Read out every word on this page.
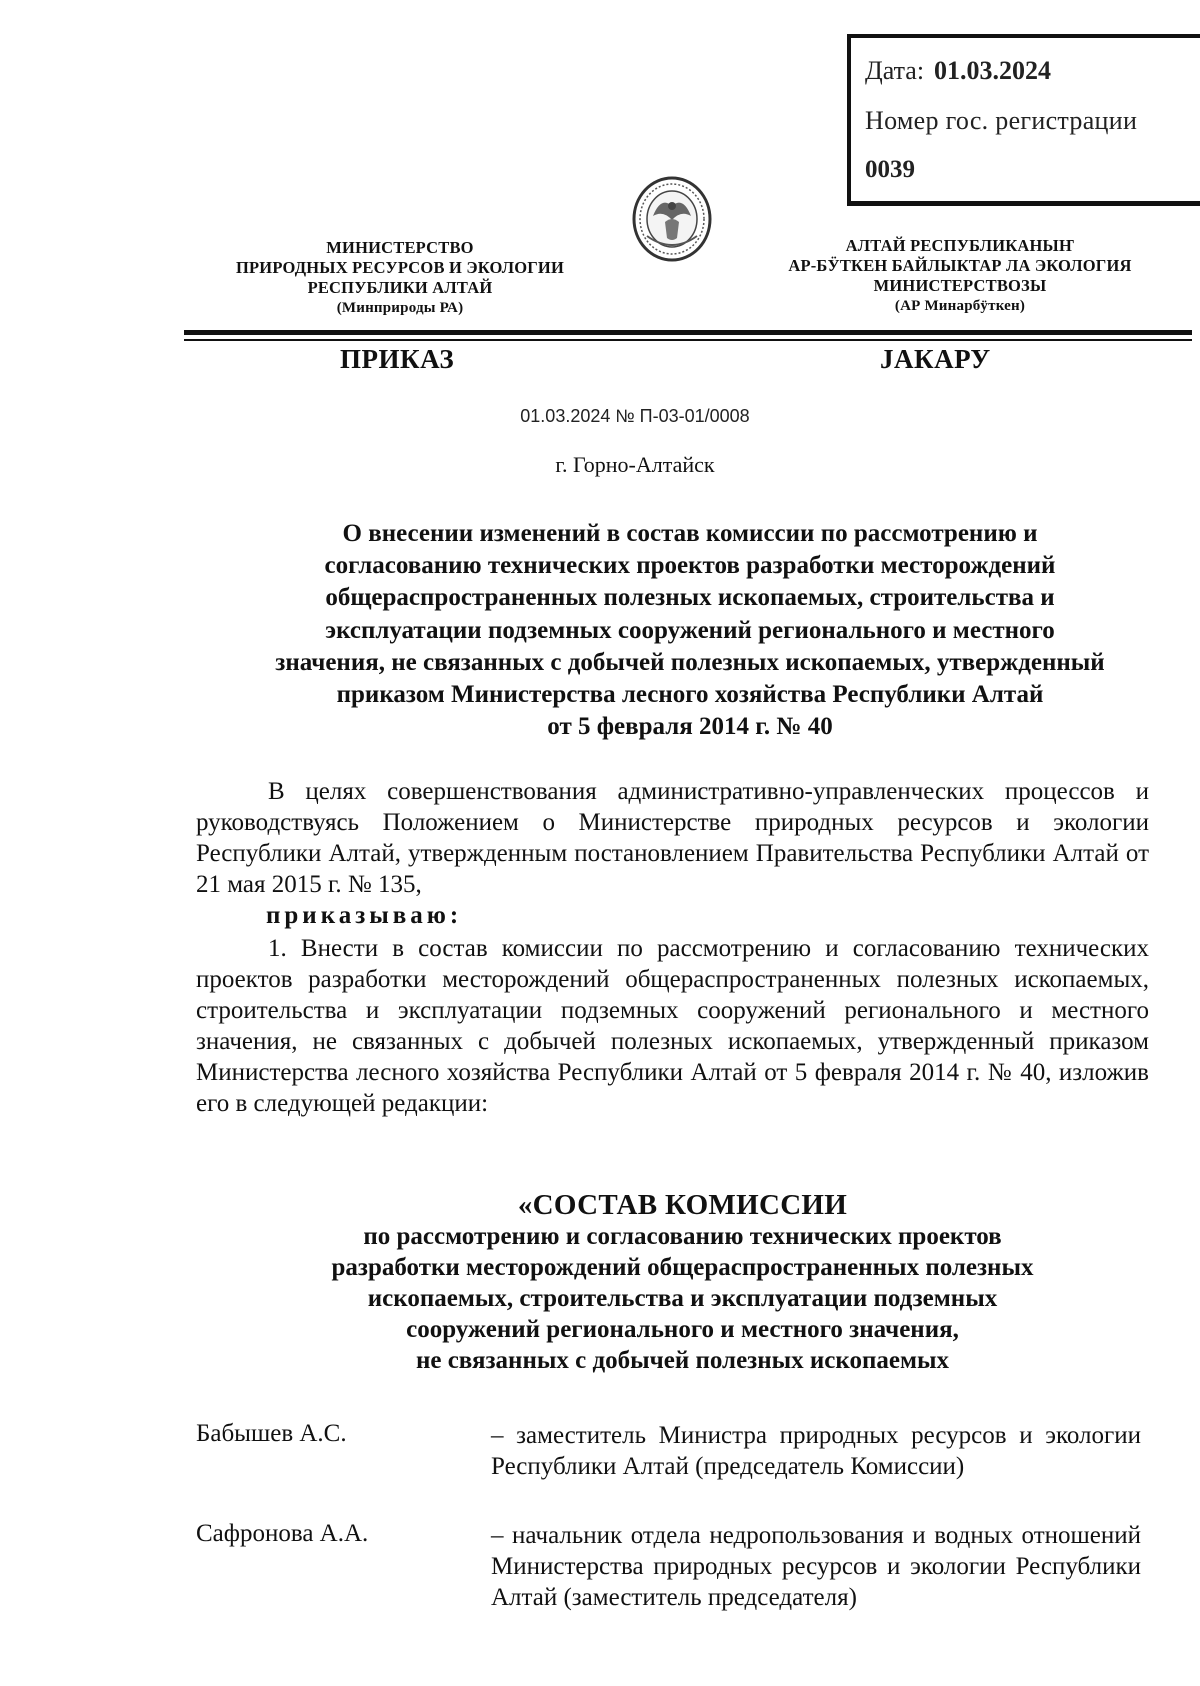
Дата: 01.03.2024
Номер гос. регистрации
0039
МИНИСТЕРСТВО
ПРИРОДНЫХ РЕСУРСОВ И ЭКОЛОГИИ
РЕСПУБЛИКИ АЛТАЙ
(Минприроды РА)
АЛТАЙ РЕСПУБЛИКАНЫҤ
АР-БӰТКЕН БАЙЛЫКТАР ЛА ЭКОЛОГИЯ
МИНИСТЕРСТВОЗЫ
(АР Минарбӱткен)
ПРИКАЗ	JАКАРУ
01.03.2024 № П-03-01/0008
г. Горно-Алтайск
О внесении изменений в состав комиссии по рассмотрению и
согласованию технических проектов разработки месторождений
общераспространенных полезных ископаемых, строительства и
эксплуатации подземных сооружений регионального и местного
значения, не связанных с добычей полезных ископаемых, утвержденный
приказом Министерства лесного хозяйства Республики Алтай
от 5 февраля 2014 г. № 40
В целях совершенствования административно-управленческих процессов и руководствуясь Положением о Министерстве природных ресурсов и экологии Республики Алтай, утвержденным постановлением Правительства Республики Алтай от 21 мая 2015 г. № 135,
приказываю:
1. Внести в состав комиссии по рассмотрению и согласованию технических проектов разработки месторождений общераспространенных полезных ископаемых, строительства и эксплуатации подземных сооружений регионального и местного значения, не связанных с добычей полезных ископаемых, утвержденный приказом Министерства лесного хозяйства Республики Алтай от 5 февраля 2014 г. № 40, изложив его в следующей редакции:
«СОСТАВ КОМИССИИ
по рассмотрению и согласованию технических проектов
разработки месторождений общераспространенных полезных
ископаемых, строительства и эксплуатации подземных
сооружений регионального и местного значения,
не связанных с добычей полезных ископаемых
Бабышев А.С.	– заместитель Министра природных ресурсов и экологии Республики Алтай (председатель Комиссии)
Сафронова А.А.	– начальник отдела недропользования и водных отношений Министерства природных ресурсов и экологии Республики Алтай (заместитель председателя)
